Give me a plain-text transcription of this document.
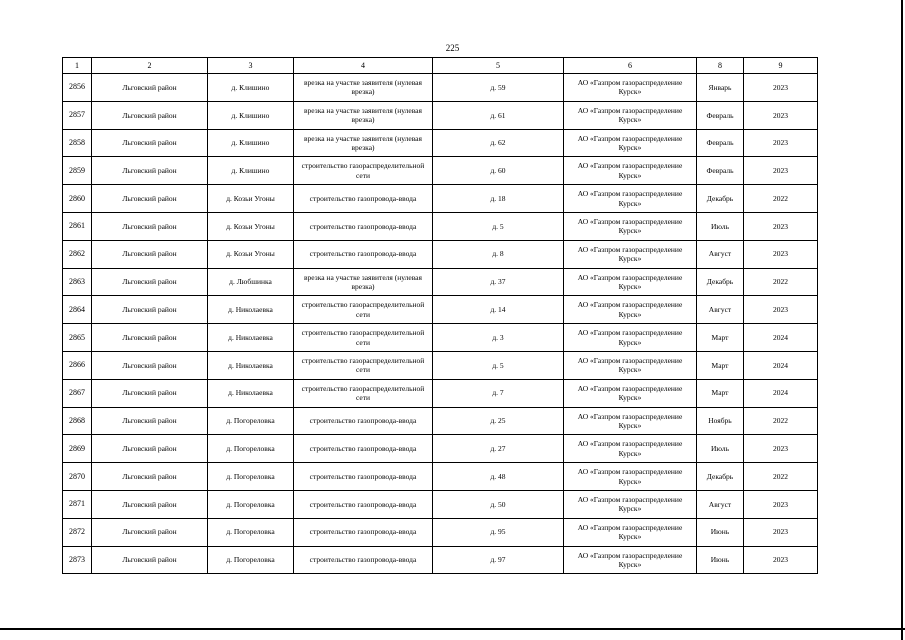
225
1	2	3	4	5	6	8	9
2856	Льговский район	д. Клишино	врезка на участке заявителя (нулевая врезка)	д. 59	АО «Газпром газораспределение Курск»	Январь	2023
2857	Льговский район	д. Клишино	врезка на участке заявителя (нулевая врезка)	д. 61	АО «Газпром газораспределение Курск»	Февраль	2023
2858	Льговский район	д. Клишино	врезка на участке заявителя (нулевая врезка)	д. 62	АО «Газпром газораспределение Курск»	Февраль	2023
2859	Льговский район	д. Клишино	строительство газораспределительной сети	д. 60	АО «Газпром газораспределение Курск»	Февраль	2023
2860	Льговский район	д. Козьи Угоны	строительство газопровода-ввода	д. 18	АО «Газпром газораспределение Курск»	Декабрь	2022
2861	Льговский район	д. Козьи Угоны	строительство газопровода-ввода	д. 5	АО «Газпром газораспределение Курск»	Июль	2023
2862	Льговский район	д. Козьи Угоны	строительство газопровода-ввода	д. 8	АО «Газпром газораспределение Курск»	Август	2023
2863	Льговский район	д. Любшинка	врезка на участке заявителя (нулевая врезка)	д. 37	АО «Газпром газораспределение Курск»	Декабрь	2022
2864	Льговский район	д. Николаевка	строительство газораспределительной сети	д. 14	АО «Газпром газораспределение Курск»	Август	2023
2865	Льговский район	д. Николаевка	строительство газораспределительной сети	д. 3	АО «Газпром газораспределение Курск»	Март	2024
2866	Льговский район	д. Николаевка	строительство газораспределительной сети	д. 5	АО «Газпром газораспределение Курск»	Март	2024
2867	Льговский район	д. Николаевка	строительство газораспределительной сети	д. 7	АО «Газпром газораспределение Курск»	Март	2024
2868	Льговский район	д. Погореловка	строительство газопровода-ввода	д. 25	АО «Газпром газораспределение Курск»	Ноябрь	2022
2869	Льговский район	д. Погореловка	строительство газопровода-ввода	д. 27	АО «Газпром газораспределение Курск»	Июль	2023
2870	Льговский район	д. Погореловка	строительство газопровода-ввода	д. 48	АО «Газпром газораспределение Курск»	Декабрь	2022
2871	Льговский район	д. Погореловка	строительство газопровода-ввода	д. 50	АО «Газпром газораспределение Курск»	Август	2023
2872	Льговский район	д. Погореловка	строительство газопровода-ввода	д. 95	АО «Газпром газораспределение Курск»	Июнь	2023
2873	Льговский район	д. Погореловка	строительство газопровода-ввода	д. 97	АО «Газпром газораспределение Курск»	Июнь	2023
